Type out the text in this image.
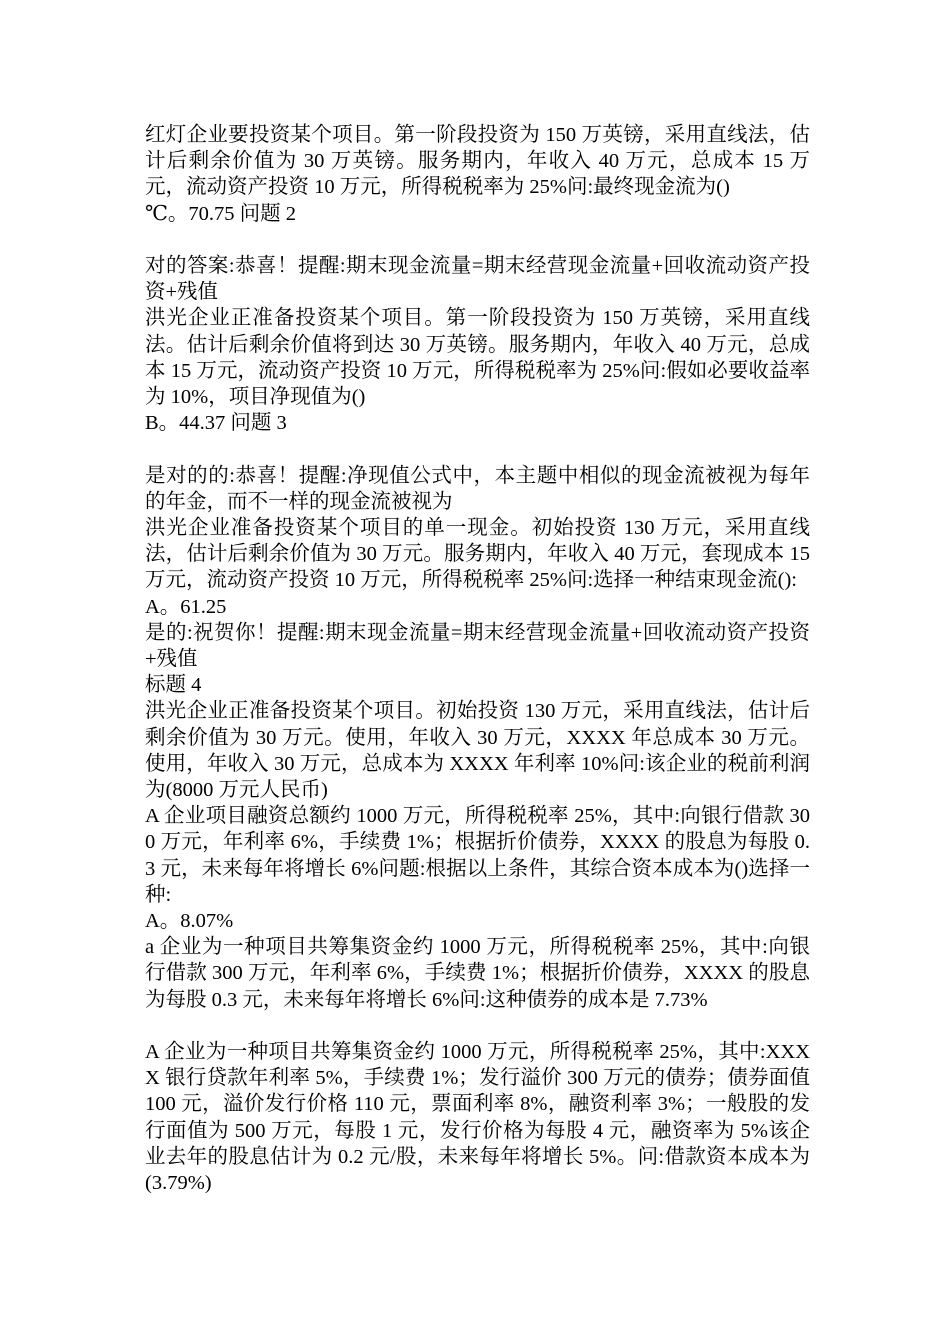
红灯企业要投资某个项目。第一阶段投资为 150 万英镑，采用直线法，估计后剩余价值为 30 万英镑。服务期内，年收入 40 万元，总成本 15 万元，流动资产投资 10 万元，所得税税率为 25%问:最终现金流为()

℃。70.75 问题 2

对的答案:恭喜！提醒:期末现金流量=期末经营现金流量+回收流动资产投资+残值

洪光企业正准备投资某个项目。第一阶段投资为 150 万英镑，采用直线法。估计后剩余价值将到达 30 万英镑。服务期内，年收入 40 万元，总成本 15 万元，流动资产投资 10 万元，所得税税率为 25%问:假如必要收益率为 10%，项目净现值为()

B。44.37 问题 3

是对的的:恭喜！提醒:净现值公式中，本主题中相似的现金流被视为每年的年金，而不一样的现金流被视为

洪光企业准备投资某个项目的单一现金。初始投资 130 万元，采用直线法，估计后剩余价值为 30 万元。服务期内，年收入 40 万元，套现成本 15 万元，流动资产投资 10 万元，所得税税率 25%问:选择一种结束现金流():

A。61.25

是的:祝贺你！提醒:期末现金流量=期末经营现金流量+回收流动资产投资+残值

标题 4

洪光企业正准备投资某个项目。初始投资 130 万元，采用直线法，估计后剩余价值为 30 万元。使用，年收入 30 万元，XXXX 年总成本 30 万元。使用，年收入 30 万元，总成本为 XXXX 年利率 10%问:该企业的税前利润为(8000 万元人民币)

A 企业项目融资总额约 1000 万元，所得税税率 25%，其中:向银行借款 300 万元，年利率 6%，手续费 1%；根据折价债券，XXXX 的股息为每股 0.3 元，未来每年将增长 6%问题:根据以上条件，其综合资本成本为()选择一种:

A。8.07%

a 企业为一种项目共筹集资金约 1000 万元，所得税税率 25%，其中:向银行借款 300 万元，年利率 6%，手续费 1%；根据折价债券，XXXX 的股息为每股 0.3 元，未来每年将增长 6%问:这种债券的成本是 7.73%

A 企业为一种项目共筹集资金约 1000 万元，所得税税率 25%，其中:XXXX 银行贷款年利率 5%，手续费 1%；发行溢价 300 万元的债券；债券面值 100 元，溢价发行价格 110 元，票面利率 8%，融资利率 3%；一般股的发行面值为 500 万元，每股 1 元，发行价格为每股 4 元，融资率为 5%该企业去年的股息估计为 0.2 元/股，未来每年将增长 5%。问:借款资本成本为(3.79%)
